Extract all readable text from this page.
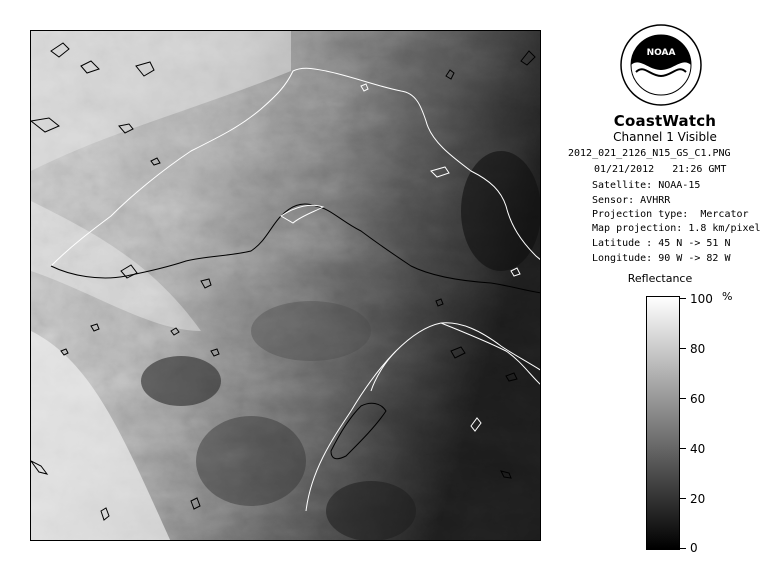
NOAA
CoastWatch
Channel 1 Visible
2012_021_2126_N15_GS_C1.PNG
01/21/2012   21:26 GMT
Satellite: NOAA-15
Sensor: AVHRR
Projection type:  Mercator
Map projection: 1.8 km/pixel
Latitude : 45 N -> 51 N
Longitude: 90 W -> 82 W
Reflectance
%
100
80
60
40
20
0
